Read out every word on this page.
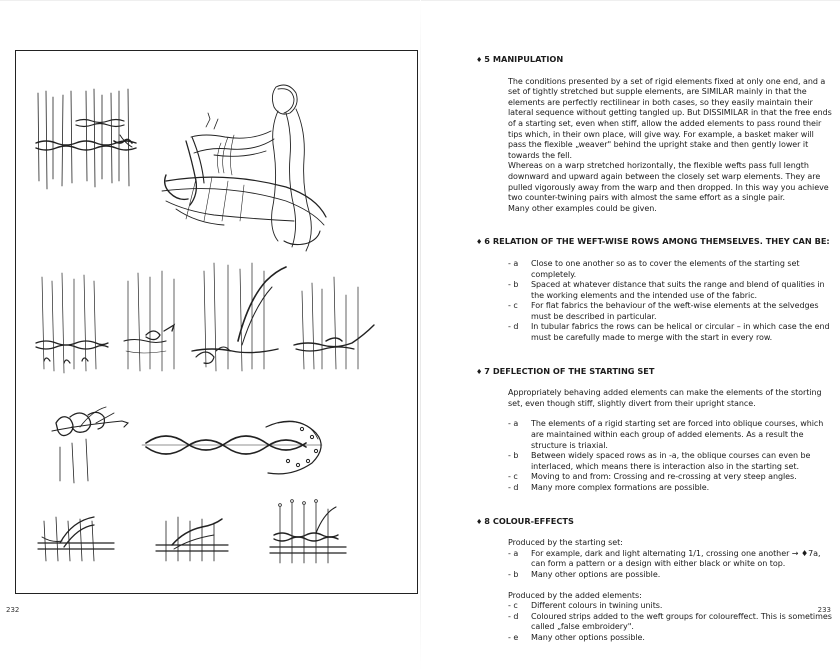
232
♦ 5 MANIPULATION

The conditions presented by a set of rigid elements fixed at only one end, and a set of tightly stretched but supple elements, are SIMILAR mainly in that the elements are perfectly rectilinear in both cases, so they easily maintain their lateral sequence without getting tangled up. But DISSIMILAR in that the free ends of a starting set, even when stiff, allow the added elements to pass round their tips which, in their own place, will give way. For example, a basket maker will pass the flexible „weaver" behind the upright stake and then gently lower it towards the fell.

Whereas on a warp stretched horizontally, the flexible wefts pass full length downward and upward again between the closely set warp elements. They are pulled vigorously away from the warp and then dropped. In this way you achieve two counter-twining pairs with almost the same effort as a single pair.

Many other examples could be given.

♦ 6 RELATION OF THE WEFT-WISE ROWS AMONG THEMSELVES. THEY CAN BE:
- a	Close to one another so as to cover the elements of the starting set completely.
- b	Spaced at whatever distance that suits the range and blend of qualities in the working elements and the intended use of the fabric.
- c	For flat fabrics the behaviour of the weft-wise elements at the selvedges must be described in particular.
- d	In tubular fabrics the rows can be helical or circular – in which case the end must be carefully made to merge with the start in every row.
♦ 7 DEFLECTION OF THE STARTING SET

Appropriately behaving added elements can make the elements of the storting set, even though stiff, slightly divert from their upright stance.

- a	The elements of a rigid starting set are forced into oblique courses, which are maintained within each group of added elements. As a result the structure is triaxial.
- b	Between widely spaced rows as in -a, the oblique courses can even be interlaced, which means there is interaction also in the starting set.
- c	Moving to and from: Crossing and re-crossing at very steep angles.
- d	Many more complex formations are possible.
♦ 8 COLOUR-EFFECTS

Produced by the starting set:

- a	For example, dark and light alternating 1/1, crossing one another → ♦7a, can form a pattern or a design with either black or white on top.
- b	Many other options are possible.

Produced by the added elements:

- c	Different colours in twining units.
- d	Coloured strips added to the weft groups for coloureffect. This is sometimes called „false embroidery".
- e	Many other options possible.
233
